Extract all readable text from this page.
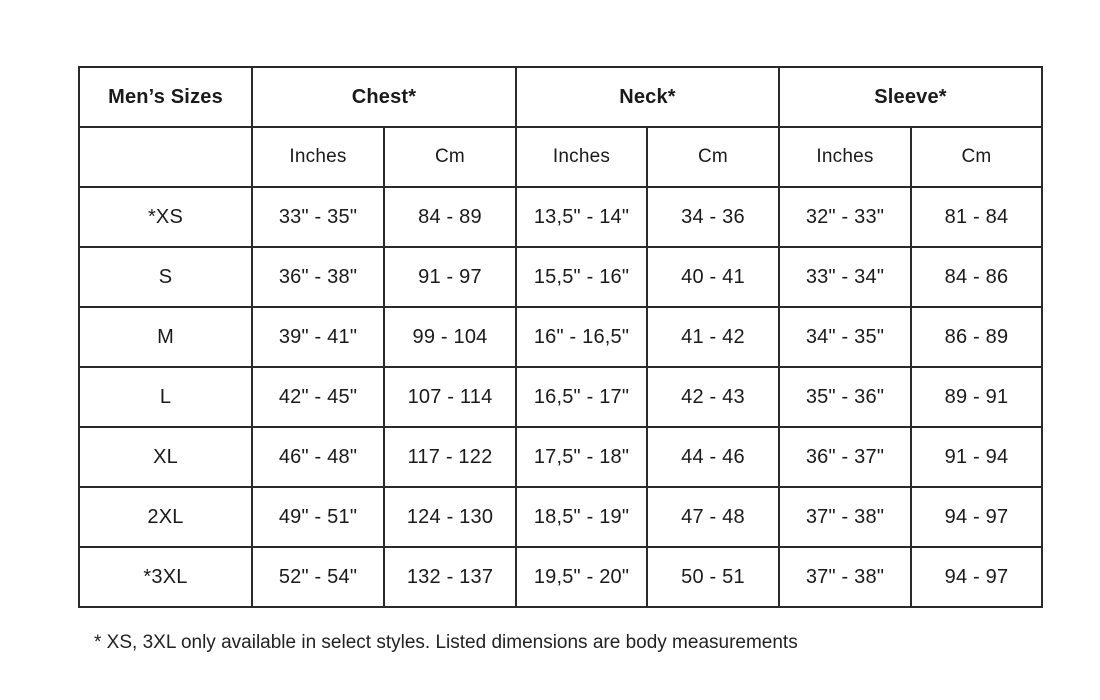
Men’s Sizes	Chest*		Neck*		Sleeve*	
	Inches	Cm	Inches	Cm	Inches	Cm
*XS	33" - 35"	84 - 89	13,5" - 14"	34 - 36	32" - 33"	81 - 84
S	36" - 38"	91 - 97	15,5" - 16"	40 - 41	33" - 34"	84 - 86
M	39" - 41"	99 - 104	16" - 16,5"	41 - 42	34" - 35"	86 - 89
L	42" - 45"	107 - 114	16,5" - 17"	42 - 43	35" - 36"	89 - 91
XL	46" - 48"	117 - 122	17,5" - 18"	44 - 46	36" - 37"	91 - 94
2XL	49" - 51"	124 - 130	18,5" - 19"	47 - 48	37" - 38"	94 - 97
*3XL	52" - 54"	132 - 137	19,5" - 20"	50 - 51	37" - 38"	94 - 97
* XS, 3XL only available in select styles. Listed dimensions are body measurements
